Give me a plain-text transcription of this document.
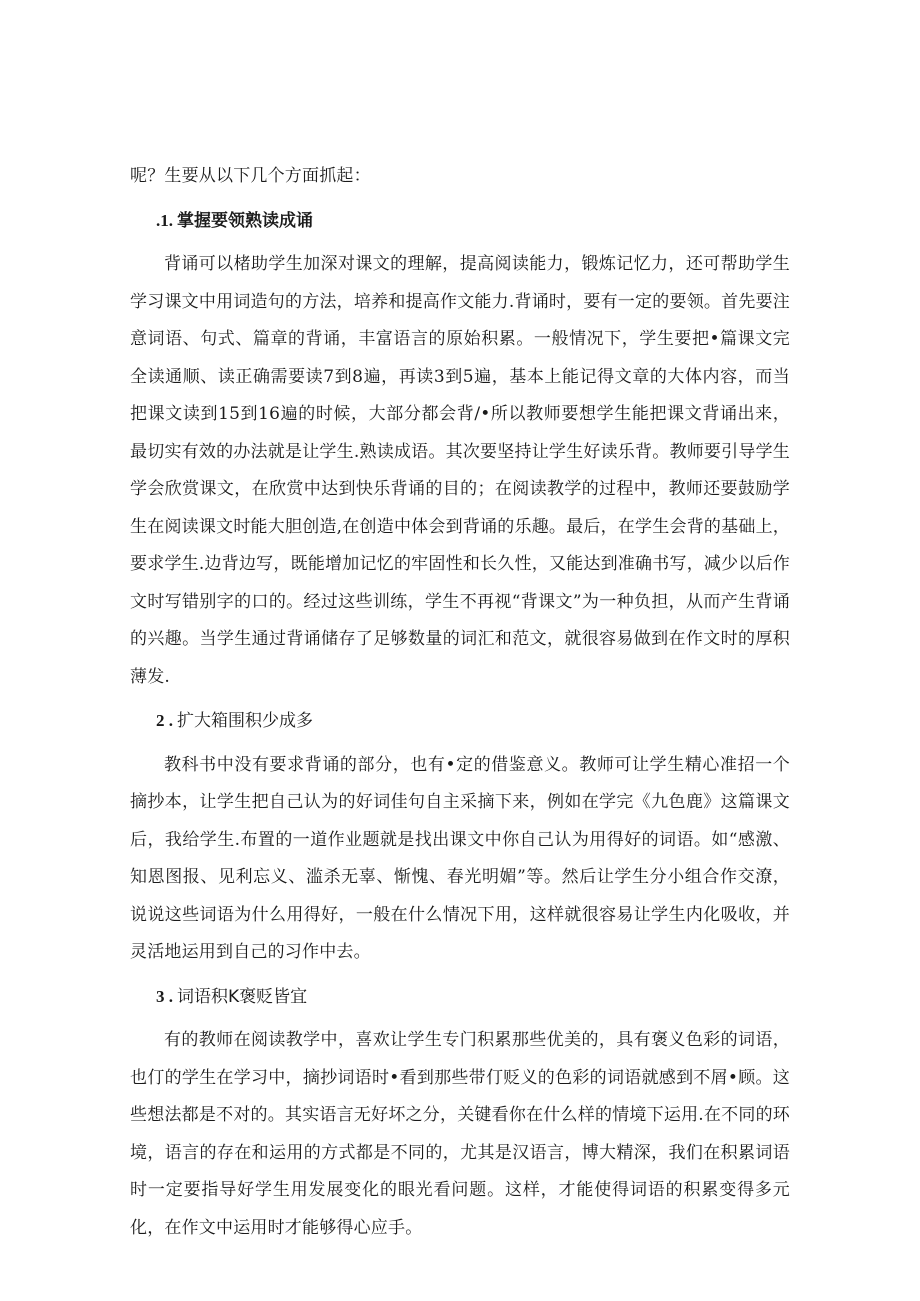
呢？生要从以下几个方面抓起：

.1. 掌握要领熟读成诵

背诵可以楮助学生加深对课文的理解，提高阅读能力，锻炼记忆力，还可帮助学生学习课文中用词造句的方法，培养和提高作文能力.背诵时，要有一定的要领。首先要注意词语、句式、篇章的背诵，丰富语言的原始积累。一般情况下，学生要把•篇课文完全读通顺、读正确需要读7到8遍，再读3到5遍，基本上能记得文章的大体内容，而当把课文读到15到16遍的时候，大部分都会背/•所以教师要想学生能把课文背诵出来，最切实有效的办法就是让学生.熟读成语。其次要坚持让学生好读乐背。教师要引导学生学会欣赏课文，在欣赏中达到快乐背诵的目的；在阅读教学的过程中，教师还要鼓励学生在阅读课文时能大胆创造,在创造中体会到背诵的乐趣。最后，在学生会背的基础上，要求学生.边背边写，既能增加记忆的牢固性和长久性，又能达到准确书写，减少以后作文时写错别字的口的。经过这些训练，学生不再视“背课文”为一种负担，从而产生背诵的兴趣。当学生通过背诵储存了足够数量的词汇和范文，就很容易做到在作文时的厚积薄发.

2 . 扩大箱围积少成多

教科书中没有要求背诵的部分，也有•定的借鉴意义。教师可让学生精心准招一个摘抄本，让学生把自己认为的好词佳句自主采摘下来，例如在学完《九色鹿》这篇课文后，我给学生.布置的一道作业题就是找出课文中你自己认为用得好的词语。如“感激、知恩图报、见利忘义、滥杀无辜、惭愧、春光明媚”等。然后让学生分小组合作交潦，说说这些词语为什么用得好，一般在什么情况下用，这样就很容易让学生内化吸收，并灵活地运用到自己的习作中去。

3 . 词语积K褒贬皆宜

有的教师在阅读教学中，喜欢让学生专门积累那些优美的，具有褒义色彩的词语，也仃的学生在学习中，摘抄词语时•看到那些带仃贬义的色彩的词语就感到不屑•顾。这些想法都是不对的。其实语言无好坏之分，关键看你在什么样的情境下运用.在不同的环境，语言的存在和运用的方式都是不同的，尤其是汉语言，博大精深，我们在积累词语时一定要指导好学生用发展变化的眼光看问题。这样，才能使得词语的积累变得多元化，在作文中运用时才能够得心应手。
